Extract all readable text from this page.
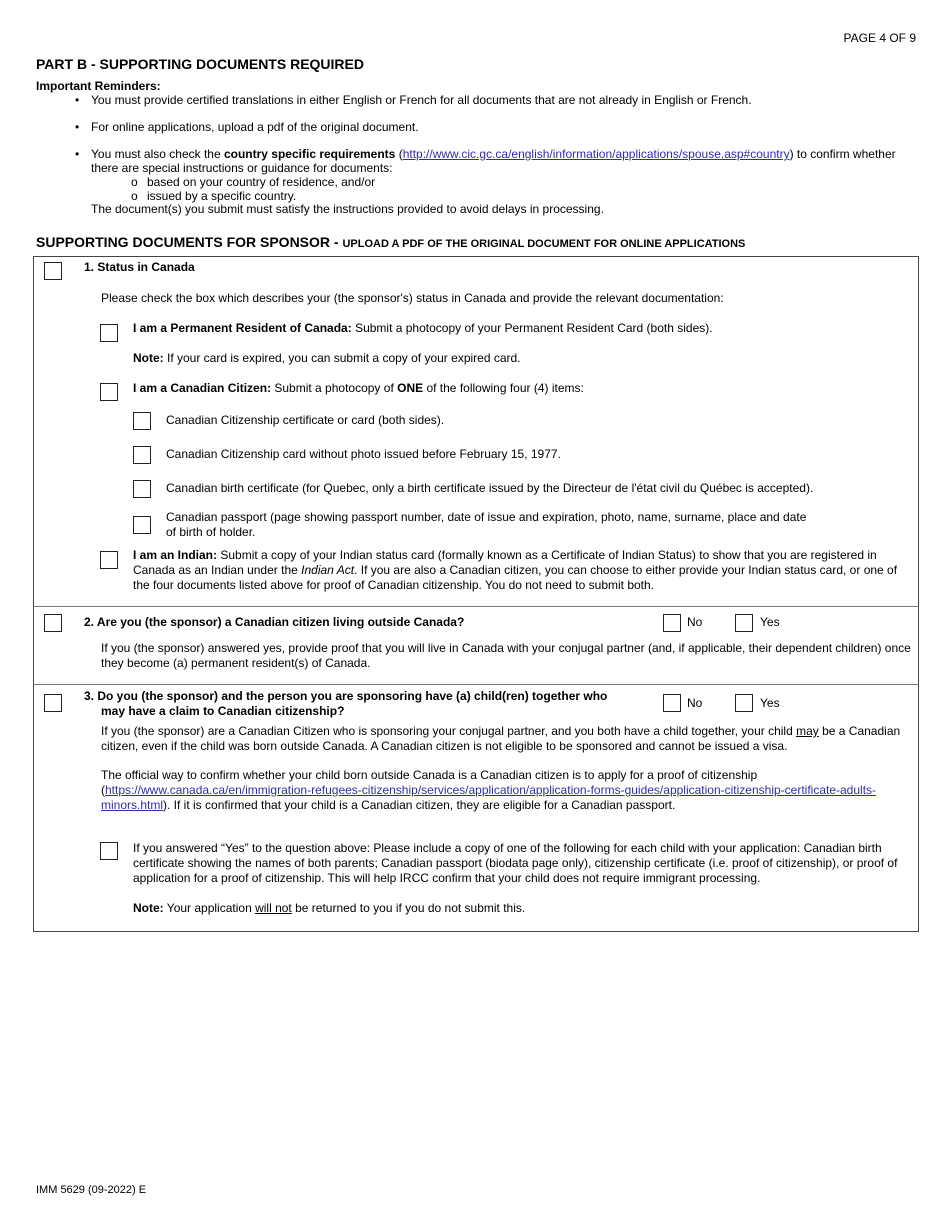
PAGE 4 OF 9
PART B - SUPPORTING DOCUMENTS REQUIRED
Important Reminders:
• You must provide certified translations in either English or French for all documents that are not already in English or French.
• For online applications, upload a pdf of the original document.
• You must also check the country specific requirements (http://www.cic.gc.ca/english/information/applications/spouse.asp#country) to confirm whether there are special instructions or guidance for documents:
o based on your country of residence, and/or
o issued by a specific country.
The document(s) you submit must satisfy the instructions provided to avoid delays in processing.
SUPPORTING DOCUMENTS FOR SPONSOR - UPLOAD A PDF OF THE ORIGINAL DOCUMENT FOR ONLINE APPLICATIONS
1. Status in Canada
Please check the box which describes your (the sponsor's) status in Canada and provide the relevant documentation:
I am a Permanent Resident of Canada: Submit a photocopy of your Permanent Resident Card (both sides).
Note: If your card is expired, you can submit a copy of your expired card.
I am a Canadian Citizen: Submit a photocopy of ONE of the following four (4) items:
Canadian Citizenship certificate or card (both sides).
Canadian Citizenship card without photo issued before February 15, 1977.
Canadian birth certificate (for Quebec, only a birth certificate issued by the Directeur de l'état civil du Québec is accepted).
Canadian passport (page showing passport number, date of issue and expiration, photo, name, surname, place and date of birth of holder.
I am an Indian: Submit a copy of your Indian status card (formally known as a Certificate of Indian Status) to show that you are registered in Canada as an Indian under the Indian Act. If you are also a Canadian citizen, you can choose to either provide your Indian status card, or one of the four documents listed above for proof of Canadian citizenship. You do not need to submit both.
2. Are you (the sponsor) a Canadian citizen living outside Canada?	No	Yes
If you (the sponsor) answered yes, provide proof that you will live in Canada with your conjugal partner (and, if applicable, their dependent children) once they become (a) permanent resident(s) of Canada.
3. Do you (the sponsor) and the person you are sponsoring have (a) child(ren) together who
may have a claim to Canadian citizenship?
No	Yes
If you (the sponsor) are a Canadian Citizen who is sponsoring your conjugal partner, and you both have a child together, your child may be a Canadian citizen, even if the child was born outside Canada. A Canadian citizen is not eligible to be sponsored and cannot be issued a visa.
The official way to confirm whether your child born outside Canada is a Canadian citizen is to apply for a proof of citizenship (https://www.canada.ca/en/immigration-refugees-citizenship/services/application/application-forms-guides/application-citizenship-certificate-adults-minors.html). If it is confirmed that your child is a Canadian citizen, they are eligible for a Canadian passport.
If you answered “Yes” to the question above: Please include a copy of one of the following for each child with your application: Canadian birth certificate showing the names of both parents; Canadian passport (biodata page only), citizenship certificate (i.e. proof of citizenship), or proof of application for a proof of citizenship. This will help IRCC confirm that your child does not require immigrant processing.
Note: Your application will not be returned to you if you do not submit this.
IMM 5629 (09-2022) E
